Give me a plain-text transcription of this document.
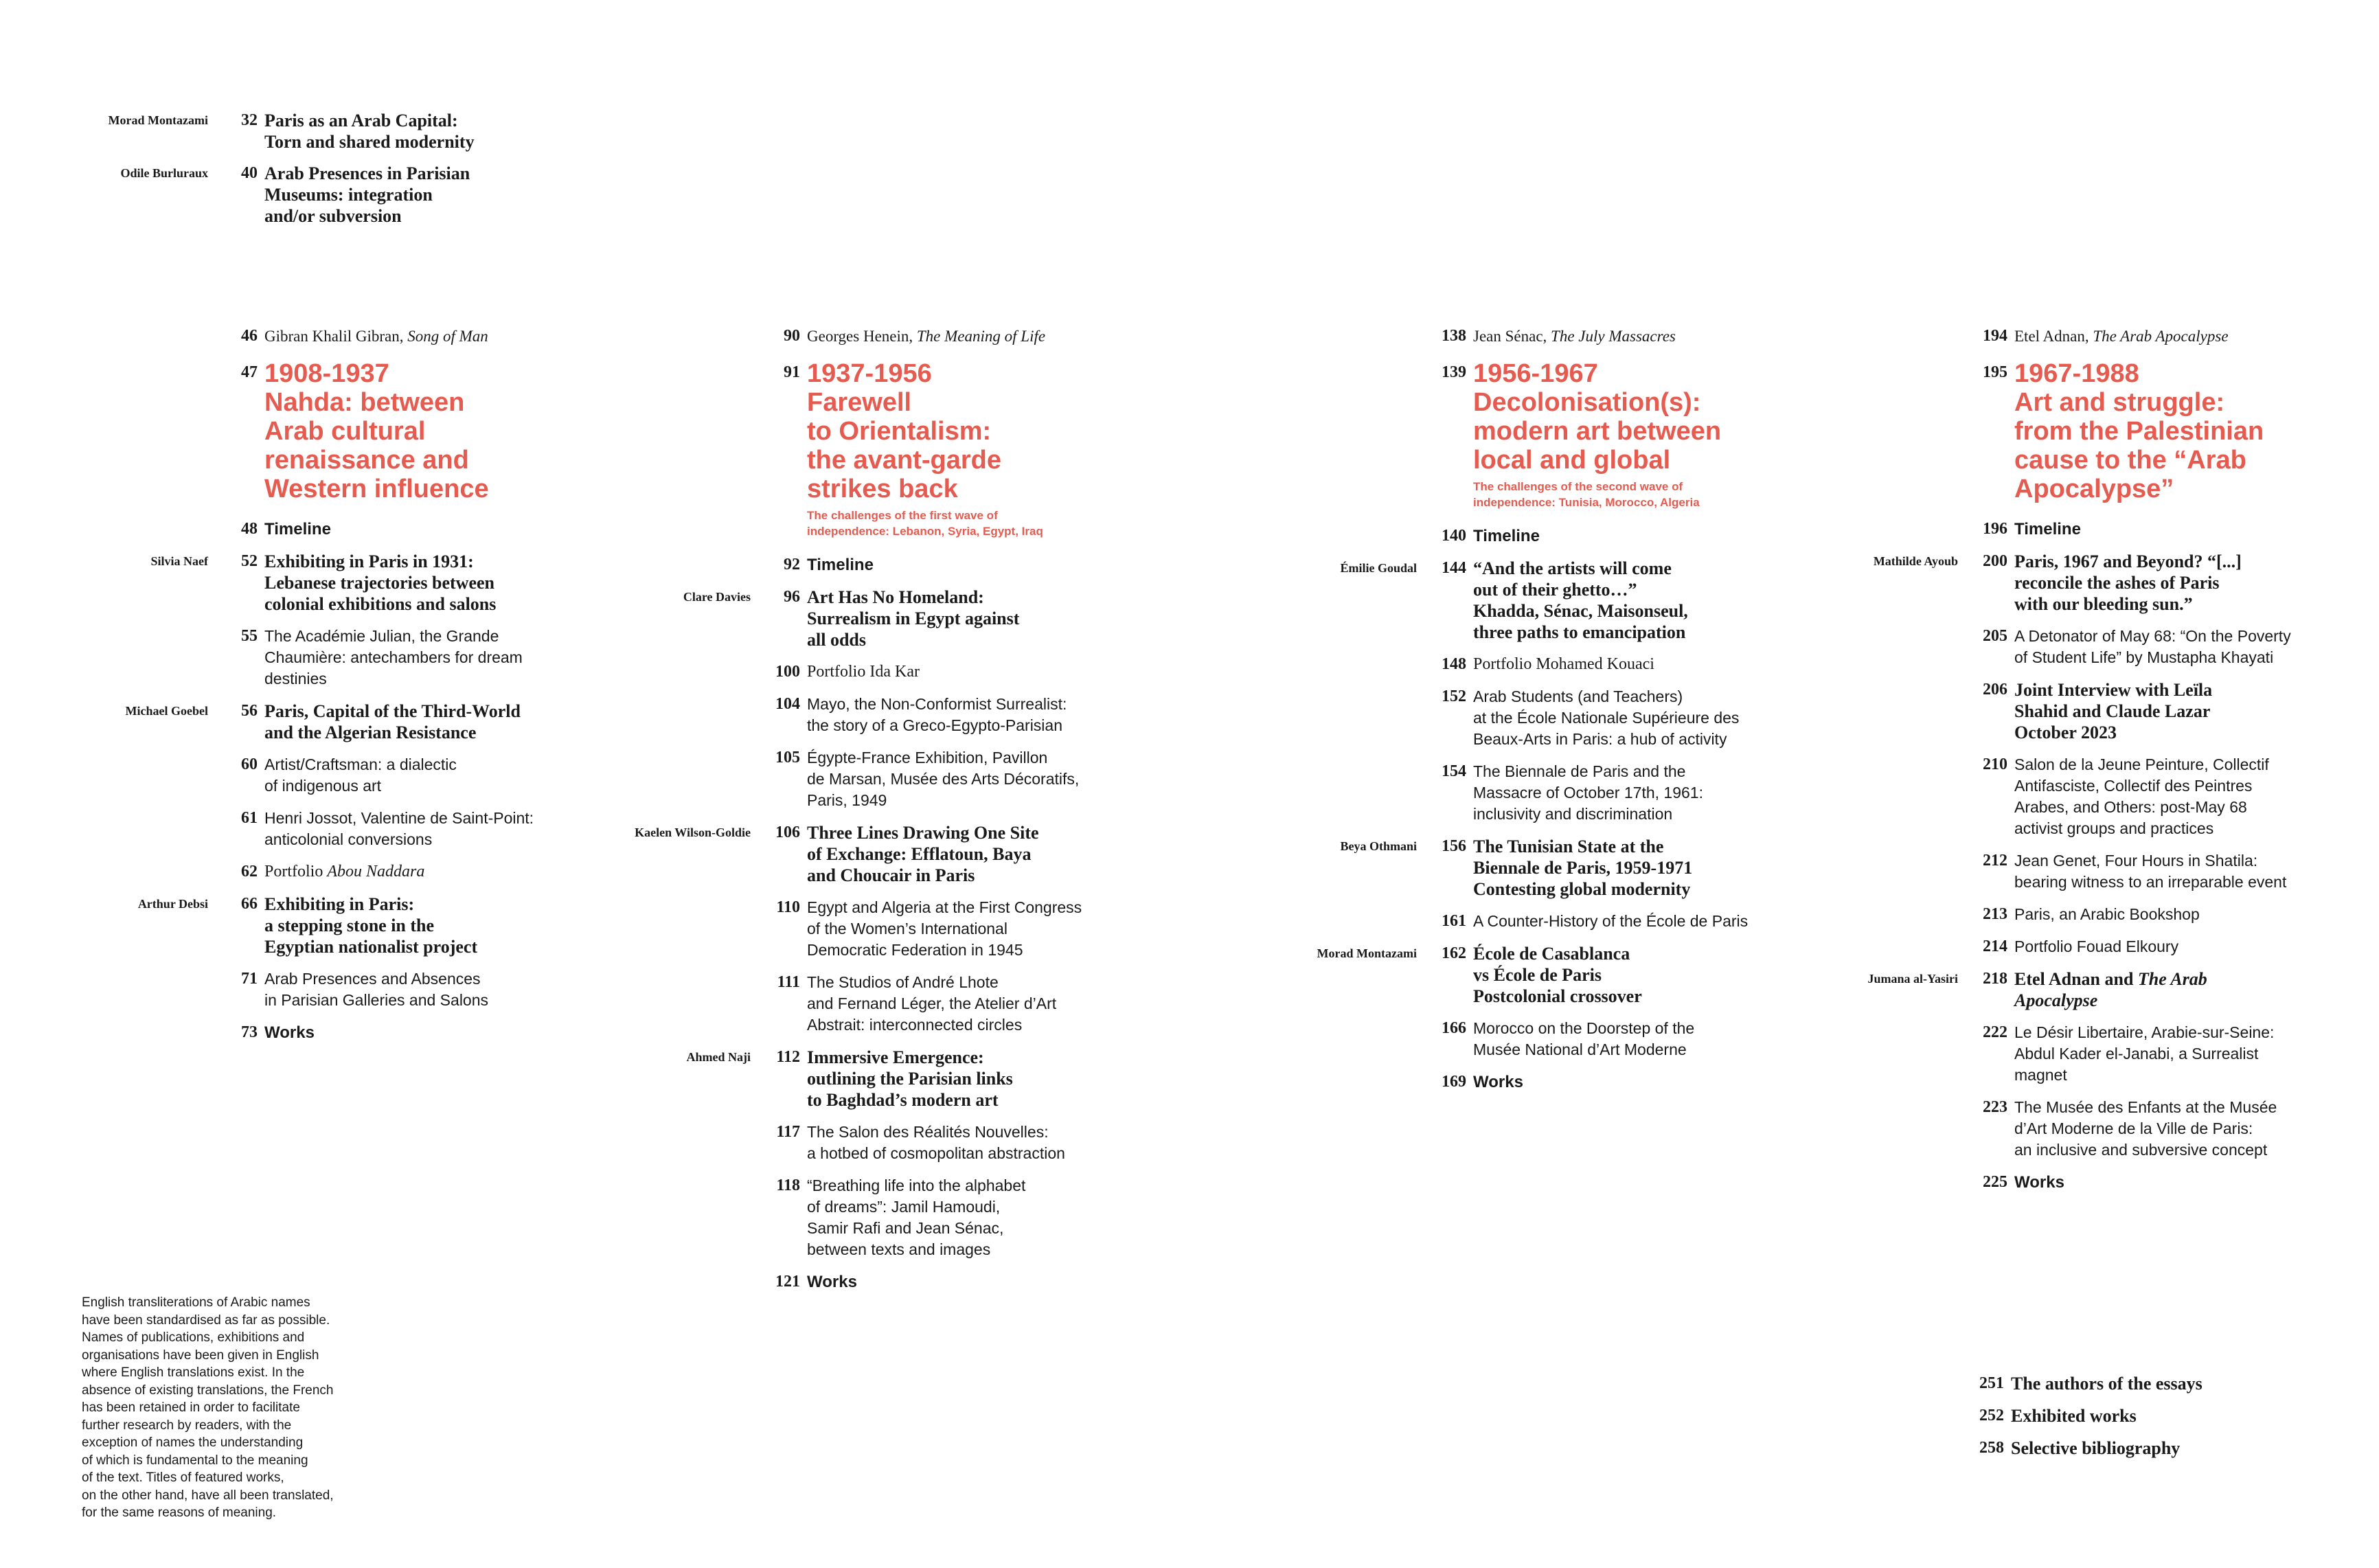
Morad Montazami	32 Paris as an Arab Capital:
Torn and shared modernity
Odile Burluraux	40 Arab Presences in Parisian
Museums: integration
and/or subversion
46 Gibran Khalil Gibran, Song of Man
47 1908-1937
Nahda: between
Arab cultural
renaissance and
Western influence
48 Timeline
Silvia Naef	52 Exhibiting in Paris in 1931:
Lebanese trajectories between
colonial exhibitions and salons
55 The Académie Julian, the Grande
Chaumière: antechambers for dream
destinies
Michael Goebel	56 Paris, Capital of the Third-World
and the Algerian Resistance
60 Artist/Craftsman: a dialectic
of indigenous art
61 Henri Jossot, Valentine de Saint-Point:
anticolonial conversions
62 Portfolio Abou Naddara
Arthur Debsi	66 Exhibiting in Paris:
a stepping stone in the
Egyptian nationalist project
71 Arab Presences and Absences
in Parisian Galleries and Salons
73 Works
90 Georges Henein, The Meaning of Life
91 1937-1956
Farewell
to Orientalism:
the avant-garde
strikes back
The challenges of the first wave of
independence: Lebanon, Syria, Egypt, Iraq
92 Timeline
Clare Davies	96 Art Has No Homeland:
Surrealism in Egypt against
all odds
100 Portfolio Ida Kar
104 Mayo, the Non-Conformist Surrealist:
the story of a Greco-Egypto-Parisian
105 Égypte-France Exhibition, Pavillon
de Marsan, Musée des Arts Décoratifs,
Paris, 1949
Kaelen Wilson-Goldie	106 Three Lines Drawing One Site
of Exchange: Efflatoun, Baya
and Choucair in Paris
110 Egypt and Algeria at the First Congress
of the Women’s International
Democratic Federation in 1945
111 The Studios of André Lhote
and Fernand Léger, the Atelier d’Art
Abstrait: interconnected circles
Ahmed Naji	112 Immersive Emergence:
outlining the Parisian links
to Baghdad’s modern art
117 The Salon des Réalités Nouvelles:
a hotbed of cosmopolitan abstraction
118 “Breathing life into the alphabet
of dreams”: Jamil Hamoudi,
Samir Rafi and Jean Sénac,
between texts and images
121 Works
138 Jean Sénac, The July Massacres
139 1956-1967
Decolonisation(s):
modern art between
local and global
The challenges of the second wave of
independence: Tunisia, Morocco, Algeria
140 Timeline
Émilie Goudal	144 “And the artists will come
out of their ghetto…”
Khadda, Sénac, Maisonseul,
three paths to emancipation
148 Portfolio Mohamed Kouaci
152 Arab Students (and Teachers)
at the École Nationale Supérieure des
Beaux-Arts in Paris: a hub of activity
154 The Biennale de Paris and the
Massacre of October 17th, 1961:
inclusivity and discrimination
Beya Othmani	156 The Tunisian State at the
Biennale de Paris, 1959-1971
Contesting global modernity
161 A Counter-History of the École de Paris
Morad Montazami	162 École de Casablanca
vs École de Paris
Postcolonial crossover
166 Morocco on the Doorstep of the
Musée National d’Art Moderne
169 Works
194 Etel Adnan, The Arab Apocalypse
195 1967-1988
Art and struggle:
from the Palestinian
cause to the “Arab
Apocalypse”
196 Timeline
Mathilde Ayoub	200 Paris, 1967 and Beyond? “[...]
reconcile the ashes of Paris
with our bleeding sun.”
205 A Detonator of May 68: “On the Poverty
of Student Life” by Mustapha Khayati
206 Joint Interview with Leïla
Shahid and Claude Lazar
October 2023
210 Salon de la Jeune Peinture, Collectif
Antifasciste, Collectif des Peintres
Arabes, and Others: post-May 68
activist groups and practices
212 Jean Genet, Four Hours in Shatila:
bearing witness to an irreparable event
213 Paris, an Arabic Bookshop
214 Portfolio Fouad Elkoury
Jumana al-Yasiri	218 Etel Adnan and The Arab
Apocalypse
222 Le Désir Libertaire, Arabie-sur-Seine:
Abdul Kader el-Janabi, a Surrealist
magnet
223 The Musée des Enfants at the Musée
d’Art Moderne de la Ville de Paris:
an inclusive and subversive concept
225 Works
251 The authors of the essays
252 Exhibited works
258 Selective bibliography
English transliterations of Arabic names
have been standardised as far as possible.
Names of publications, exhibitions and
organisations have been given in English
where English translations exist. In the
absence of existing translations, the French
has been retained in order to facilitate
further research by readers, with the
exception of names the understanding
of which is fundamental to the meaning
of the text. Titles of featured works,
on the other hand, have all been translated,
for the same reasons of meaning.
